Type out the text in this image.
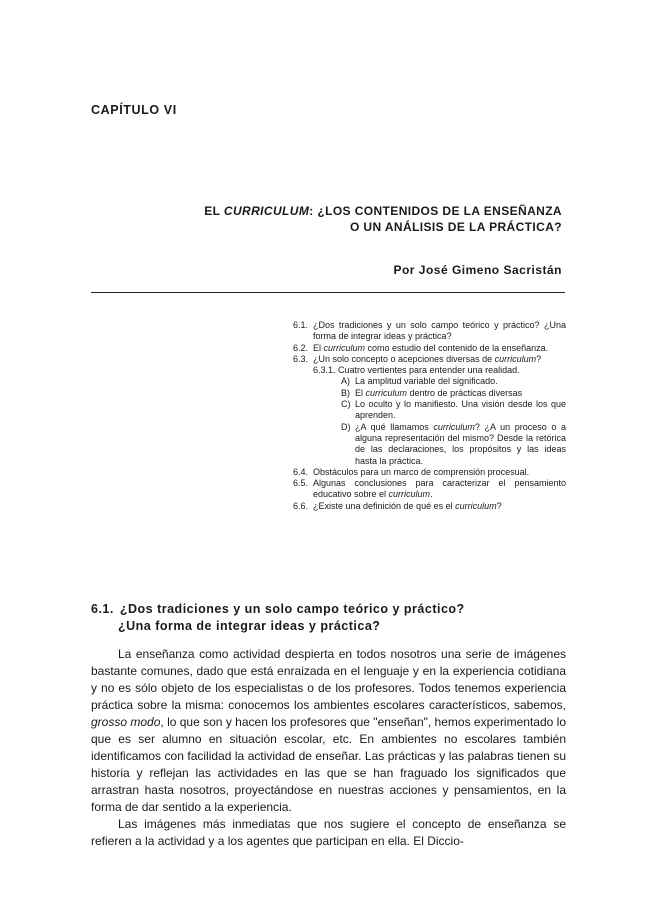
CAPÍTULO VI
EL CURRICULUM: ¿LOS CONTENIDOS DE LA ENSEÑANZA
O UN ANÁLISIS DE LA PRÁCTICA?
Por José Gimeno Sacristán
6.1. ¿Dos tradiciones y un solo campo teórico y práctico? ¿Una forma de integrar ideas y práctica?
6.2. El curriculum como estudio del contenido de la enseñanza.
6.3. ¿Un solo concepto o acepciones diversas de curriculum?
6.3.1. Cuatro vertientes para entender una realidad.
A) La amplitud variable del significado.
B) El curriculum dentro de prácticas diversas
C) Lo oculto y lo manifiesto. Una visión desde los que aprenden.
D) ¿A qué llamamos curriculum? ¿A un proceso o a alguna representación del mismo? Desde la retórica de las declaraciones, los propósitos y las ideas hasta la práctica.
6.4. Obstáculos para un marco de comprensión procesual.
6.5. Algunas conclusiones para caracterizar el pensamiento educativo sobre el curriculum.
6.6. ¿Existe una definición de qué es el curriculum?
6.1. ¿Dos tradiciones y un solo campo teórico y práctico?
¿Una forma de integrar ideas y práctica?

La enseñanza como actividad despierta en todos nosotros una serie de imágenes bastante comunes, dado que está enraizada en el lenguaje y en la experiencia cotidiana y no es sólo objeto de los especialistas o de los profesores. Todos tenemos experiencia práctica sobre la misma: conocemos los ambientes escolares característicos, sabemos, grosso modo, lo que son y hacen los profesores que "enseñan", hemos experimentado lo que es ser alumno en situación escolar, etc. En ambientes no escolares también identificamos con facilidad la actividad de enseñar. Las prácticas y las palabras tienen su historia y reflejan las actividades en las que se han fraguado los significados que arrastran hasta nosotros, proyectándose en nuestras acciones y pensamientos, en la forma de dar sentido a la experiencia.

Las imágenes más inmediatas que nos sugiere el concepto de enseñanza se refieren a la actividad y a los agentes que participan en ella. El Diccio-
